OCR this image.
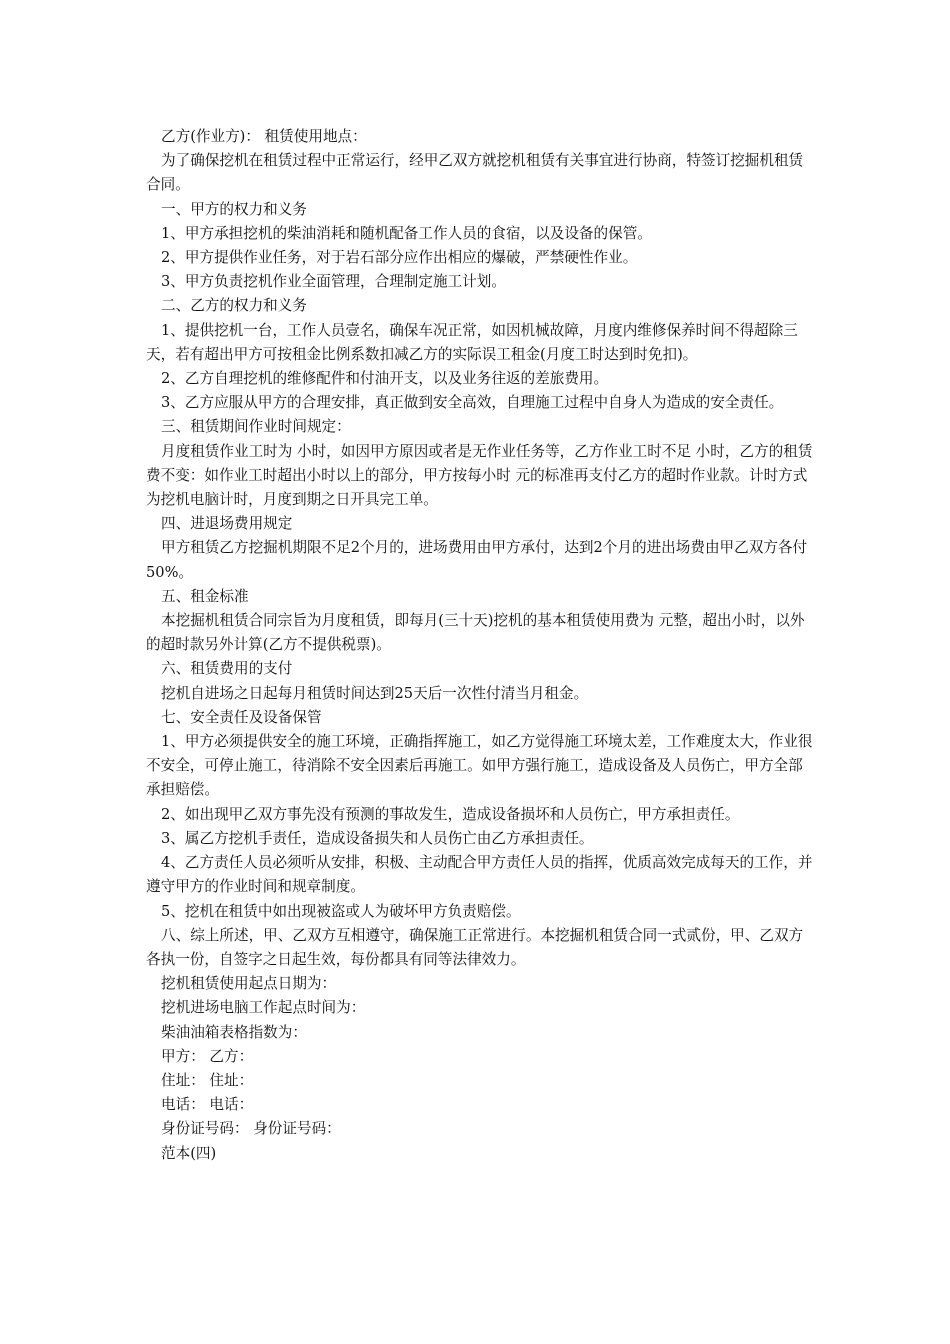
乙方(作业方)： 租赁使用地点：

为了确保挖机在租赁过程中正常运行，经甲乙双方就挖机租赁有关事宜进行协商，特签订挖掘机租赁合同。

一、甲方的权力和义务

1、甲方承担挖机的柴油消耗和随机配备工作人员的食宿，以及设备的保管。

2、甲方提供作业任务，对于岩石部分应作出相应的爆破，严禁硬性作业。

3、甲方负责挖机作业全面管理，合理制定施工计划。

二、乙方的权力和义务

1、提供挖机一台，工作人员壹名，确保车况正常，如因机械故障，月度内维修保养时间不得超除三天，若有超出甲方可按租金比例系数扣减乙方的实际误工租金(月度工时达到时免扣)。

2、乙方自理挖机的维修配件和付油开支，以及业务往返的差旅费用。

3、乙方应服从甲方的合理安排，真正做到安全高效，自理施工过程中自身人为造成的安全责任。

三、租赁期间作业时间规定：

月度租赁作业工时为 小时，如因甲方原因或者是无作业任务等，乙方作业工时不足 小时，乙方的租赁费不变：如作业工时超出小时以上的部分，甲方按每小时 元的标准再支付乙方的超时作业款。计时方式为挖机电脑计时，月度到期之日开具完工单。

四、进退场费用规定

甲方租赁乙方挖掘机期限不足2个月的，进场费用由甲方承付，达到2个月的进出场费由甲乙双方各付50%。

五、租金标准

本挖掘机租赁合同宗旨为月度租赁，即每月(三十天)挖机的基本租赁使用费为 元整，超出小时，以外的超时款另外计算(乙方不提供税票)。

六、租赁费用的支付

挖机自进场之日起每月租赁时间达到25天后一次性付清当月租金。

七、安全责任及设备保管

1、甲方必须提供安全的施工环境，正确指挥施工，如乙方觉得施工环境太差，工作难度太大，作业很不安全，可停止施工，待消除不安全因素后再施工。如甲方强行施工，造成设备及人员伤亡，甲方全部承担赔偿。

2、如出现甲乙双方事先没有预测的事故发生，造成设备损坏和人员伤亡，甲方承担责任。

3、属乙方挖机手责任，造成设备损失和人员伤亡由乙方承担责任。

4、乙方责任人员必须听从安排，积极、主动配合甲方责任人员的指挥，优质高效完成每天的工作，并遵守甲方的作业时间和规章制度。

5、挖机在租赁中如出现被盗或人为破坏甲方负责赔偿。

八、综上所述，甲、乙双方互相遵守，确保施工正常进行。本挖掘机租赁合同一式贰份，甲、乙双方各执一份，自签字之日起生效，每份都具有同等法律效力。

挖机租赁使用起点日期为：

挖机进场电脑工作起点时间为：

柴油油箱表格指数为：

甲方： 乙方：

住址： 住址：

电话： 电话：

身份证号码： 身份证号码：

范本(四)
